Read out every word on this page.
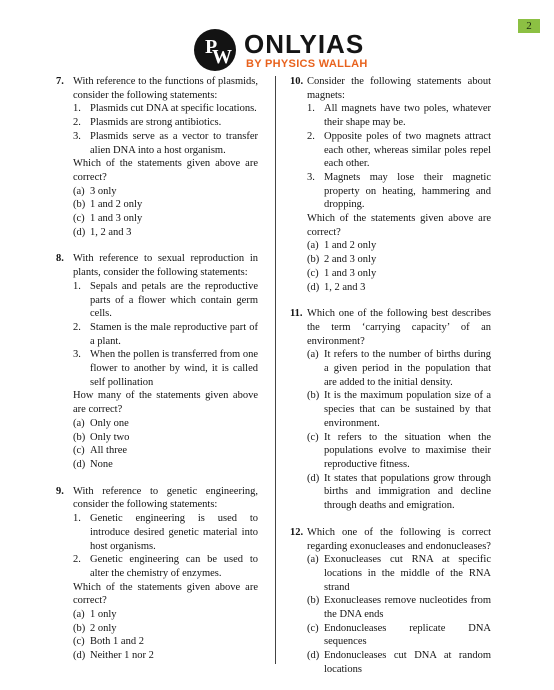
2
P
W ONLYIAS
BY PHYSICS WALLAH
7. With reference to the functions of plasmids, consider the following statements:
1. Plasmids cut DNA at specific locations.
2. Plasmids are strong antibiotics.
3. Plasmids serve as a vector to transfer alien DNA into a host organism.
Which of the statements given above are correct?
(a) 3 only
(b) 1 and 2 only
(c) 1 and 3 only
(d) 1, 2 and 3
8. With reference to sexual reproduction in plants, consider the following statements:
1. Sepals and petals are the reproductive parts of a flower which contain germ cells.
2. Stamen is the male reproductive part of a plant.
3. When the pollen is transferred from one flower to another by wind, it is called self pollination
How many of the statements given above are correct?
(a) Only one
(b) Only two
(c) All three
(d) None
9. With reference to genetic engineering, consider the following statements:
1. Genetic engineering is used to introduce desired genetic material into host organisms.
2. Genetic engineering can be used to alter the chemistry of enzymes.
Which of the statements given above are correct?
(a) 1 only
(b) 2 only
(c) Both 1 and 2
(d) Neither 1 nor 2
10. Consider the following statements about magnets:
1. All magnets have two poles, whatever their shape may be.
2. Opposite poles of two magnets attract each other, whereas similar poles repel each other.
3. Magnets may lose their magnetic property on heating, hammering and dropping.
Which of the statements given above are correct?
(a) 1 and 2 only
(b) 2 and 3 only
(c) 1 and 3 only
(d) 1, 2 and 3
11. Which one of the following best describes the term ‘carrying capacity’ of an environment?
(a) It refers to the number of births during a given period in the population that are added to the initial density.
(b) It is the maximum population size of a species that can be sustained by that environment.
(c) It refers to the situation when the populations evolve to maximise their reproductive fitness.
(d) It states that populations grow through births and immigration and decline through deaths and emigration.
12. Which one of the following is correct regarding exonucleases and endonucleases?
(a) Exonucleases cut RNA at specific locations in the middle of the RNA strand
(b) Exonucleases remove nucleotides from the DNA ends
(c) Endonucleases replicate DNA sequences
(d) Endonucleases cut DNA at random locations
